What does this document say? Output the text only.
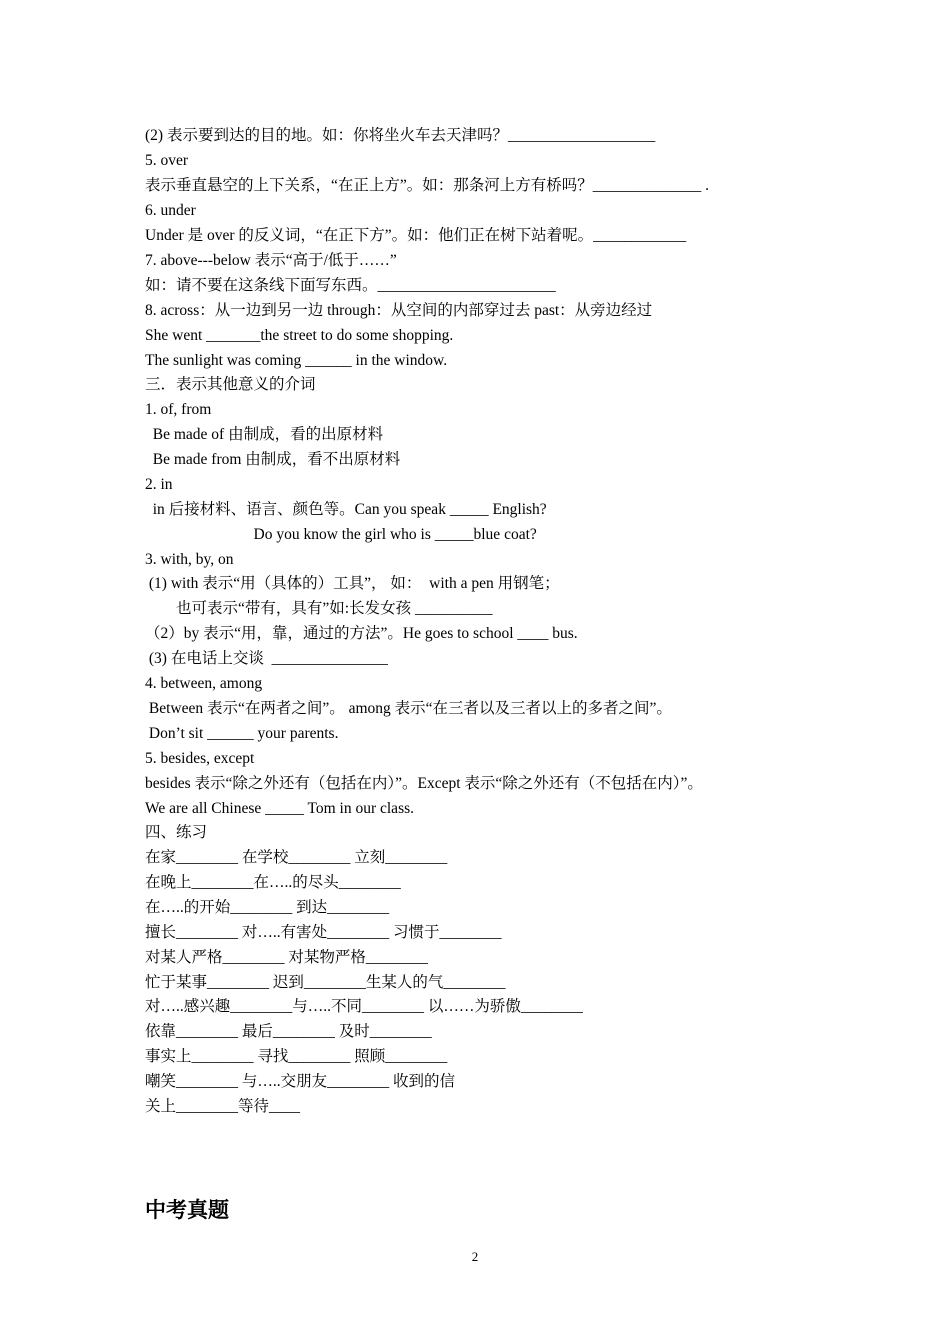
(2) 表示要到达的目的地。如：你将坐火车去天津吗？___________________
5. over
表示垂直悬空的上下关系，“在正上方”。如：那条河上方有桥吗？______________ .
6. under
Under 是 over 的反义词，“在正下方”。如：他们正在树下站着呢。____________
7. above---below 表示“高于/低于……”
如：请不要在这条线下面写东西。_______________________
8. across：从一边到另一边 through：从空间的内部穿过去 past：从旁边经过
She went _______the street to do some shopping.
The sunlight was coming ______ in the window.
三．表示其他意义的介词
1. of, from
Be made of 由制成，看的出原材料
Be made from 由制成，看不出原材料
2. in
in 后接材料、语言、颜色等。Can you speak _____ English?
Do you know the girl who is _____blue coat?
3. with, by, on
(1) with 表示“用（具体的）工具”， 如：  with a pen 用钢笔；
也可表示“带有，具有”如:长发女孩 __________
（2）by 表示“用，靠，通过的方法”。He goes to school ____ bus.
(3) 在电话上交谈  _______________
4. between, among
Between 表示“在两者之间”。 among 表示“在三者以及三者以上的多者之间”。
Don’t sit ______ your parents.
5. besides, except
besides 表示“除之外还有（包括在内）”。Except 表示“除之外还有（不包括在内）”。
We are all Chinese _____ Tom in our class.
四、练习
在家________ 在学校________ 立刻________
在晚上________在…..的尽头________
在…..的开始________ 到达________
擅长________ 对…..有害处________ 习惯于________
对某人严格________ 对某物严格________
忙于某事________ 迟到________生某人的气________
对…..感兴趣________与…..不同________ 以……为骄傲________
依靠________ 最后________ 及时________
事实上________ 寻找________ 照顾________
嘲笑________ 与…..交朋友________ 收到的信
关上________等待____
中考真题
2
